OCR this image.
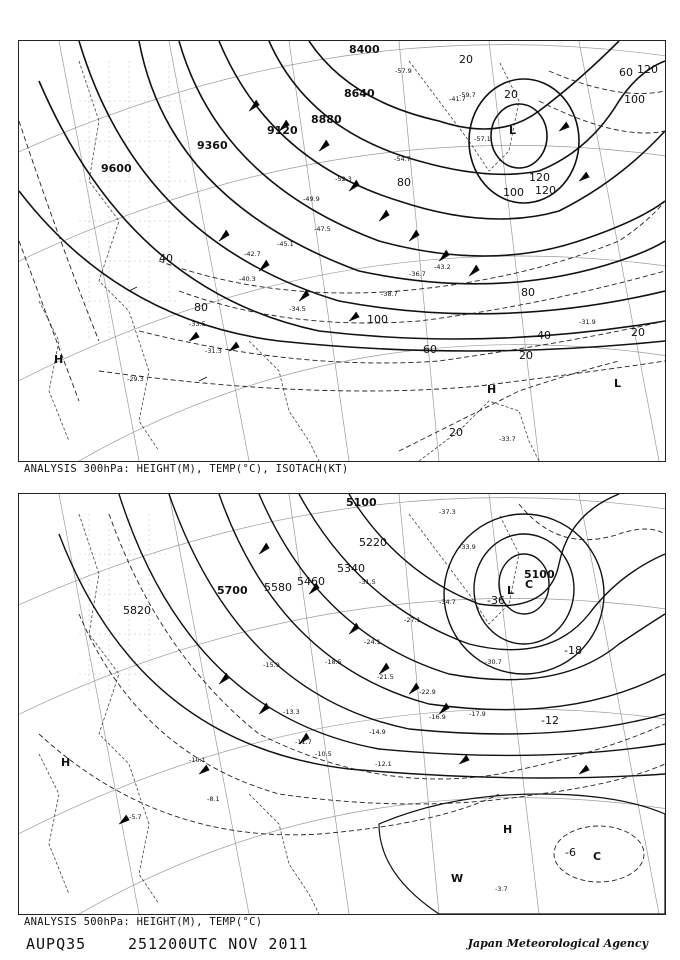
8400
8640
8880
9120
9360
9600
20
20
40
60
60
80
80
80
100
100
100
120
120
120
20
20
20
40
L
L
H
H
-57.9
-59.7
-57.1
-54.7
-52.3
-49.9
-47.5
-45.1
-42.7
-40.3
-38.7
-36.7
-34.5
-33.5	-31.9
-31.3
-29.3
-41.7
-43.2
-33.7
ANALYSIS 300hPa: HEIGHT(M), TEMP(°C), ISOTACH(KT)
5100
5220
5340
5460
5580
5700
5820
5100
-36
-18
-12
-6
L C
H
H
C
W
-37.3
-33.9
-31.5
-34.7
-30.7
-27.1
-24.1
-22.9
-21.5
-18.5
-17.9
-16.9
-15.9
-14.9
-13.3
-12.1
-11.7
-10.5
-10.1
-8.1
-5.7
-3.7
ANALYSIS 500hPa: HEIGHT(M), TEMP(°C)
AUPQ35	251200UTC NOV 2011	Japan Meteorological Agency
